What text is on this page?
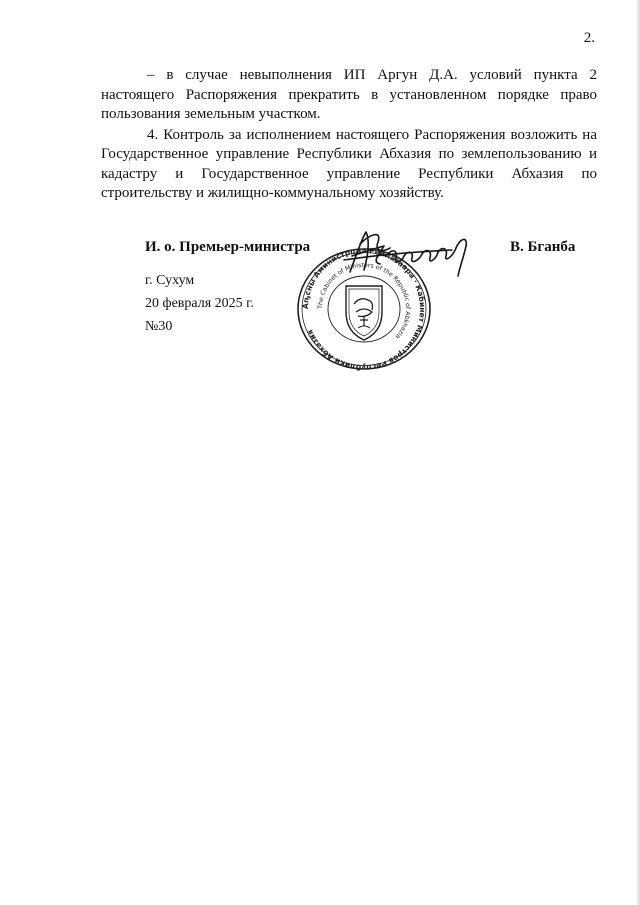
2.

– в случае невыполнения ИП Аргун Д.А. условий пункта 2 настоящего Распоряжения прекратить в установленном порядке право пользования земельным участком.

4. Контроль за исполнением настоящего Распоряжения возложить на Государственное управление Республики Абхазия по землепользованию и кадастру и Государственное управление Республики Абхазия по строительству и жилищно-коммунальному хозяйству.

И. о. Премьер-министра	В. Бганба
Аҧсны Аминистрцәа Реилазаара · Кабинет Министров Республики Абхазия
The Cabinet of Ministers of the Republic of Abkhazia
г. Сухум
20 февраля 2025 г.
№30
